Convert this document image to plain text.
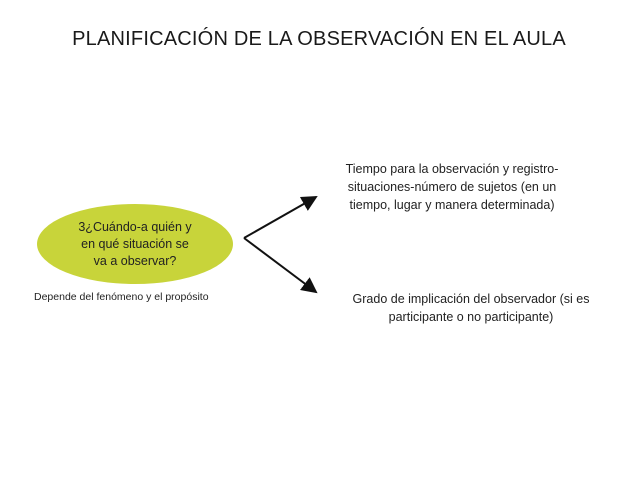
PLANIFICACIÓN DE LA OBSERVACIÓN EN EL AULA
3¿Cuándo-a quién y
en qué situación se
va a observar?
Depende del fenómeno y el propósito
Tiempo para la observación y registro-
situaciones-número de sujetos (en un
tiempo, lugar y manera determinada)
Grado de implicación del observador (si es
participante o no participante)
